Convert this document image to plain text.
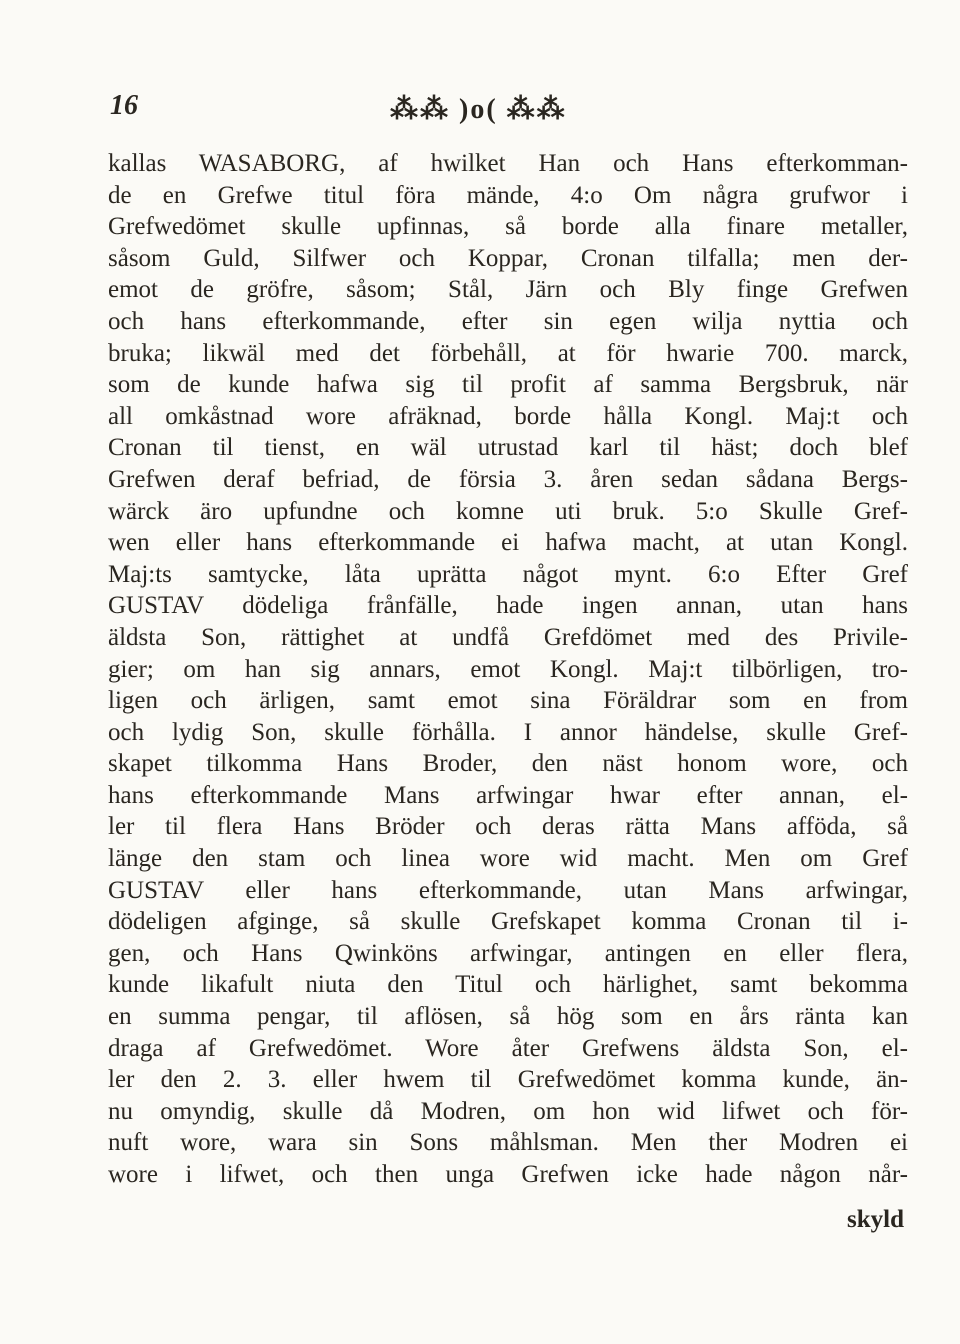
16	⁂⁂ )o( ⁂⁂
kallas WASABORG, af hwilket Han och Hans efterkomman-
de en Grefwe titul föra mände, 4:o Om några grufwor i
Grefwedömet skulle upfinnas, så borde alla finare metaller,
såsom Guld, Silfwer och Koppar, Cronan tilfalla; men der-
emot de gröfre, såsom; Stål, Järn och Bly finge Grefwen
och hans efterkommande, efter sin egen wilja nyttia och
bruka; likwäl med det förbehåll, at för hwarie 700. marck,
som de kunde hafwa sig til profit af samma Bergsbruk, när
all omkåstnad wore afräknad, borde hålla Kongl. Maj:t och
Cronan til tienst, en wäl utrustad karl til häst; doch blef
Grefwen deraf befriad, de försia 3. åren sedan sådana Bergs-
wärck äro upfundne och komne uti bruk. 5:o Skulle Gref-
wen eller hans efterkommande ei hafwa macht, at utan Kongl.
Maj:ts samtycke, låta uprätta något mynt. 6:o Efter Gref
GUSTAV dödeliga frånfälle, hade ingen annan, utan hans
äldsta Son, rättighet at undfå Grefdömet med des Privile-
gier; om han sig annars, emot Kongl. Maj:t tilbörligen, tro-
ligen och ärligen, samt emot sina Föräldrar som en from
och lydig Son, skulle förhålla. I annor händelse, skulle Gref-
skapet tilkomma Hans Broder, den näst honom wore, och
hans efterkommande Mans arfwingar hwar efter annan, el-
ler til flera Hans Bröder och deras rätta Mans afföda, så
länge den stam och linea wore wid macht. Men om Gref
GUSTAV eller hans efterkommande, utan Mans arfwingar,
dödeligen afginge, så skulle Grefskapet komma Cronan til i-
gen, och Hans Qwinköns arfwingar, antingen en eller flera,
kunde likafult niuta den Titul och härlighet, samt bekomma
en summa pengar, til aflösen, så hög som en års ränta kan
draga af Grefwedömet. Wore åter Grefwens äldsta Son, el-
ler den 2. 3. eller hwem til Grefwedömet komma kunde, än-
nu omyndig, skulle då Modren, om hon wid lifwet och för-
nuft wore, wara sin Sons måhlsman. Men ther Modren ei
wore i lifwet, och then unga Grefwen icke hade någon når-
skyld
